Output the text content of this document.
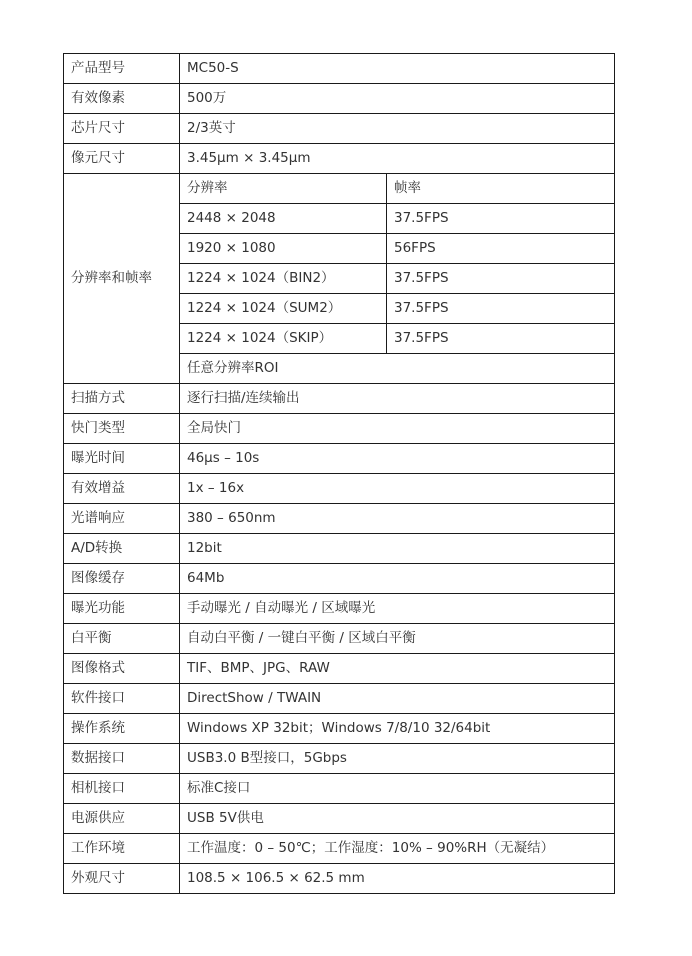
产品型号	MC50-S	
有效像素	500万	
芯片尺寸	2/3英寸	
像元尺寸	3.45μm × 3.45μm	
分辨率和帧率	分辨率	帧率
	2448 × 2048	37.5FPS
	1920 × 1080	56FPS
	1224 × 1024（BIN2）	37.5FPS
	1224 × 1024（SUM2）	37.5FPS
	1224 × 1024（SKIP）	37.5FPS
	任意分辨率ROI	
扫描方式	逐行扫描/连续输出	
快门类型	全局快门	
曝光时间	46μs – 10s	
有效增益	1x – 16x	
光谱响应	380 – 650nm	
A/D转换	12bit	
图像缓存	64Mb	
曝光功能	手动曝光 / 自动曝光 / 区域曝光	
白平衡	自动白平衡 / 一键白平衡 / 区域白平衡	
图像格式	TIF、BMP、JPG、RAW	
软件接口	DirectShow / TWAIN	
操作系统	Windows XP 32bit；Windows 7/8/10 32/64bit	
数据接口	USB3.0 B型接口，5Gbps	
相机接口	标准C接口	
电源供应	USB 5V供电	
工作环境	工作温度：0 – 50℃；工作湿度：10% – 90%RH（无凝结）	
外观尺寸	108.5 × 106.5 × 62.5 mm	
